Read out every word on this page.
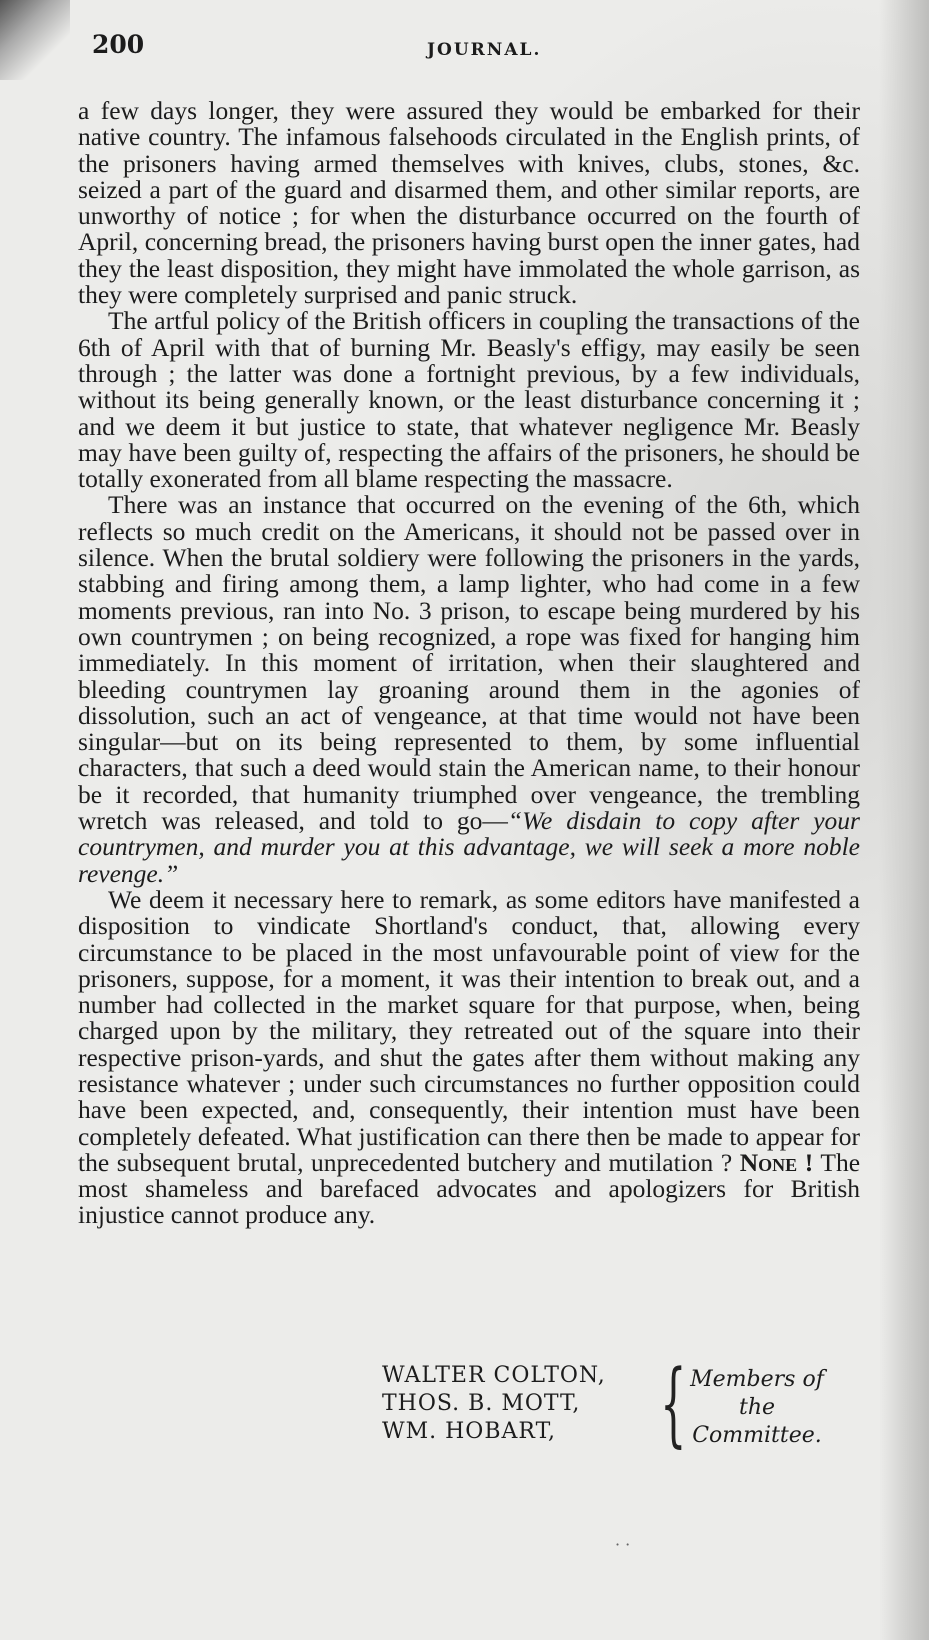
200	JOURNAL.

a few days longer, they were assured they would be embarked for their native country. The infamous falsehoods circulated in the English prints, of the prisoners having armed themselves with knives, clubs, stones, &c. seized a part of the guard and disarmed them, and other similar reports, are unworthy of notice ; for when the disturbance occurred on the fourth of April, concerning bread, the prisoners having burst open the inner gates, had they the least disposition, they might have immolated the whole garrison, as they were completely surprised and panic struck.

The artful policy of the British officers in coupling the transactions of the 6th of April with that of burning Mr. Beasly's effigy, may easily be seen through ; the latter was done a fortnight previous, by a few individuals, without its being generally known, or the least disturbance concerning it ; and we deem it but justice to state, that whatever negligence Mr. Beasly may have been guilty of, respecting the affairs of the prisoners, he should be totally exonerated from all blame respecting the massacre.

There was an instance that occurred on the evening of the 6th, which reflects so much credit on the Americans, it should not be passed over in silence. When the brutal soldiery were following the prisoners in the yards, stabbing and firing among them, a lamp lighter, who had come in a few moments previous, ran into No. 3 prison, to escape being murdered by his own countrymen ; on being recognized, a rope was fixed for hanging him immediately. In this moment of irritation, when their slaughtered and bleeding countrymen lay groaning around them in the agonies of dissolution, such an act of vengeance, at that time would not have been singular—but on its being represented to them, by some influential characters, that such a deed would stain the American name, to their honour be it recorded, that humanity triumphed over vengeance, the trembling wretch was released, and told to go—“We disdain to copy after your countrymen, and murder you at this advantage, we will seek a more noble revenge.”

We deem it necessary here to remark, as some editors have manifested a disposition to vindicate Shortland's conduct, that, allowing every circumstance to be placed in the most unfavourable point of view for the prisoners, suppose, for a moment, it was their intention to break out, and a number had collected in the market square for that purpose, when, being charged upon by the military, they retreated out of the square into their respective prison-yards, and shut the gates after them without making any resistance whatever ; under such circumstances no further opposition could have been expected, and, consequently, their intention must have been completely defeated. What justification can there then be made to appear for the subsequent brutal, unprecedented butchery and mutilation ? None ! The most shameless and barefaced advocates and apologizers for British injustice cannot produce any.

WALTER COLTON,
THOS. B. MOTT,
WM. HOBART,	{ Members of
the
Committee.
· ·
